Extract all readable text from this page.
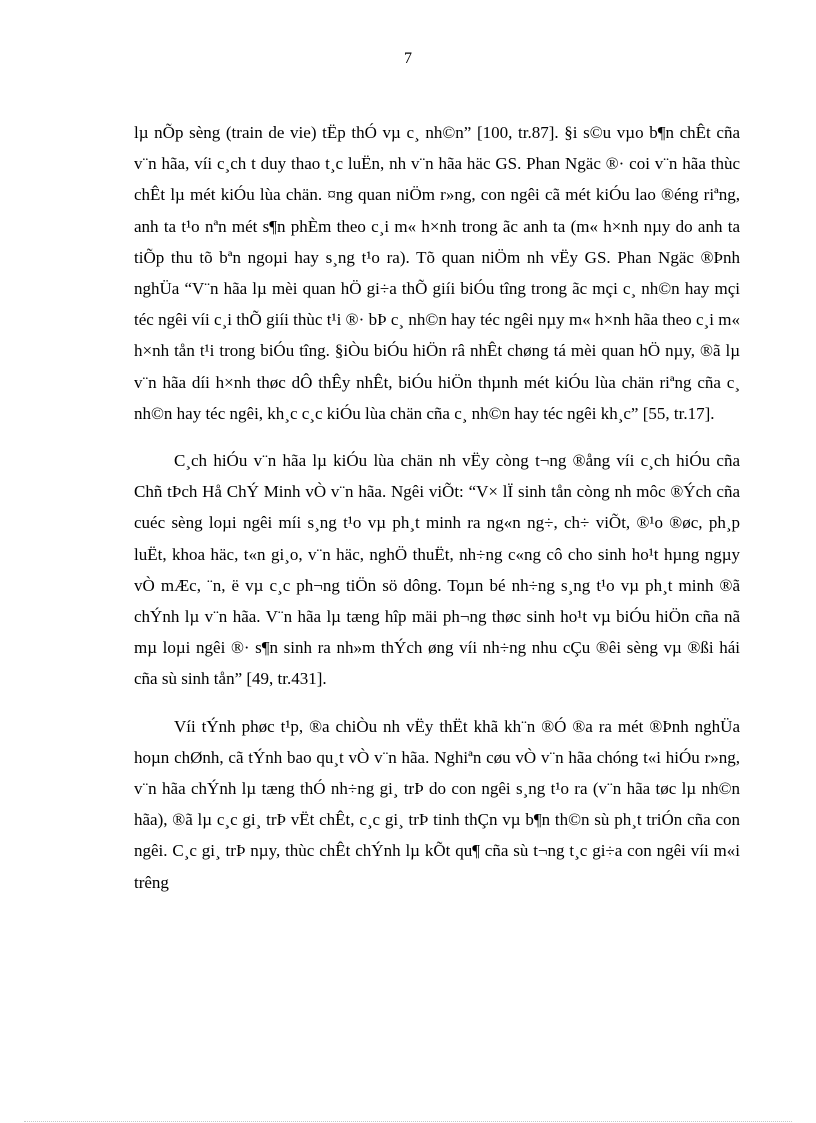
7

lµ nÕp sèng (train de vie) tËp thÓ vµ c¸ nh©n” [100, tr.87]. §i s©u vµo b¶n chÊt cña v¨n hãa, víi c¸ch t duy thao t¸c luËn, nh v¨n hãa häc GS. Phan Ngäc ®· coi v¨n hãa thùc chÊt lµ mét kiÓu lùa chän. ¤ng quan niÖm r»ng, con ngêi cã mét kiÓu lao ®éng riªng, anh ta t¹o nªn mét s¶n phÈm theo c¸i m« h×nh trong ãc anh ta (m« h×nh nµy do anh ta tiÕp thu tõ bªn ngoµi hay s¸ng t¹o ra). Tõ quan niÖm nh vËy GS. Phan Ngäc ®Þnh nghÜa “V¨n hãa lµ mèi quan hÖ gi÷a thÕ giíi biÓu tîng trong ãc mçi c¸ nh©n hay mçi téc ngêi víi c¸i thÕ giíi thùc t¹i ®· bÞ c¸ nh©n hay téc ngêi nµy m« h×nh hãa theo c¸i m« h×nh tån t¹i trong biÓu tîng. §iÒu biÓu hiÖn râ nhÊt chøng tá mèi quan hÖ nµy, ®ã lµ v¨n hãa díi h×nh thøc dÔ thÊy nhÊt, biÓu hiÖn thµnh mét kiÓu lùa chän riªng cña c¸ nh©n hay téc ngêi, kh¸c c¸c kiÓu lùa chän cña c¸ nh©n hay téc ngêi kh¸c” [55, tr.17].

C¸ch hiÓu v¨n hãa lµ kiÓu lùa chän nh vËy còng t¬ng ®ång víi c¸ch hiÓu cña Chñ tÞch Hå ChÝ Minh vÒ v¨n hãa. Ngêi viÕt: “V× lÏ sinh tån còng nh môc ®Ých cña cuéc sèng loµi ngêi míi s¸ng t¹o vµ ph¸t minh ra ng«n ng÷, ch÷ viÕt, ®¹o ®øc, ph¸p luËt, khoa häc, t«n gi¸o, v¨n häc, nghÖ thuËt, nh÷ng c«ng cô cho sinh ho¹t hµng ngµy vÒ mÆc, ¨n, ë vµ c¸c ph¬ng tiÖn sö dông. Toµn bé nh÷ng s¸ng t¹o vµ ph¸t minh ®ã chÝnh lµ v¨n hãa. V¨n hãa lµ tæng hîp mäi ph¬ng thøc sinh ho¹t vµ biÓu hiÖn cña nã mµ loµi ngêi ®· s¶n sinh ra nh»m thÝch øng víi nh÷ng nhu cÇu ®êi sèng vµ ®ßi hái cña sù sinh tån” [49, tr.431].

Víi tÝnh phøc t¹p, ®a chiÒu nh vËy thËt khã kh¨n ®Ó ®a ra mét ®Þnh nghÜa hoµn chØnh, cã tÝnh bao qu¸t vÒ v¨n hãa. Nghiªn cøu vÒ v¨n hãa chóng t«i hiÓu r»ng, v¨n hãa chÝnh lµ tæng thÓ nh÷ng gi¸ trÞ do con ngêi s¸ng t¹o ra (v¨n hãa tøc lµ nh©n hãa), ®ã lµ c¸c gi¸ trÞ vËt chÊt, c¸c gi¸ trÞ tinh thÇn vµ b¶n th©n sù ph¸t triÓn cña con ngêi. C¸c gi¸ trÞ nµy, thùc chÊt chÝnh lµ kÕt qu¶ cña sù t¬ng t¸c gi÷a con ngêi víi m«i trêng
